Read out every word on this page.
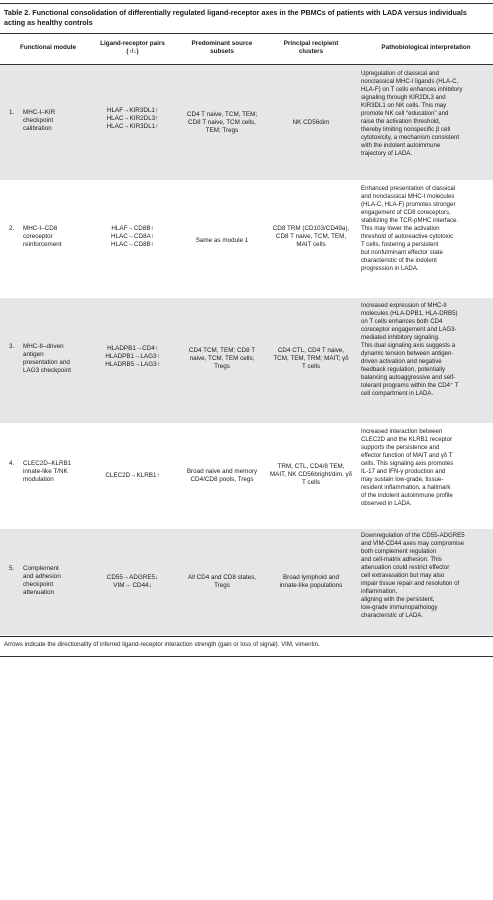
Table 2. Functional consolidation of differentially regulated ligand-receptor axes in the PBMCs of patients with LADA versus individuals acting as healthy controls
Functional module
Ligand-receptor pairs
(↑/↓)
Predominant source
subsets
Principal recipient
clusters
Pathobiological interpretation
1. MHC-I–KIR
checkpoint
calibration
HLAF→KIR3DL1↑
HLAC→KIR2DL3↑
HLAC→KIR3DL1↑
CD4 T naive, TCM, TEM;
CD8 T naive, TCM cells,
TEM; Tregs
NK CD56dim
Upregulation of classical and
nonclassical MHC-I ligands (HLA-C,
HLA-F) on T cells enhances inhibitory
signaling through KIR2DL3 and
KIR3DL1 on NK cells. This may
promote NK cell “education” and
raise the activation threshold,
thereby limiting nonspecific β cell
cytotoxicity, a mechanism consistent
with the indolent autoimmune
trajectory of LADA.
2. MHC-I–CD8
coreceptor
reinforcement
HLAF→CD8B↑
HLAC→CD8A↑
HLAC→CD8B↑
Same as module 1
CD8 TRM (CD103/CD49a),
CD8 T naive, TCM, TEM,
MAIT cells
Enhanced presentation of classical
and nonclassical MHC-I molecules
(HLA-C, HLA-F) promotes stronger
engagement of CD8 coreceptors,
stabilizing the TCR-pMHC interface.
This may lower the activation
threshold of autoreactive cytotoxic
T cells, fostering a persistent
but nonfulminant effector state
characteristic of the indolent
progression in LADA.
3. MHC-II–driven
antigen
presentation and
LAG3 checkpoint
HLADPB1→CD4↑
HLADPB1→LAG3↑
HLADRB5→LAG3↑
CD4 TCM, TEM; CD8 T
naive, TCM, TEM cells;
Tregs
CD4 CTL, CD4 T naive,
TCM, TEM, TRM; MAIT; γδ
T cells
Increased expression of MHC-II
molecules (HLA-DPB1, HLA-DRB5)
on T cells enhances both CD4
coreceptor engagement and LAG3-
mediated inhibitory signaling.
This dual signaling axis suggests a
dynamic tension between antigen-
driven activation and negative
feedback regulation, potentially
balancing autoaggressive and self-
tolerant programs within the CD4⁺ T
cell compartment in LADA.
4. CLEC2D–KLRB1
innate-like T/NK
modulation
CLEC2D→KLRB1↑
Broad naive and memory
CD4/CD8 pools, Tregs
TRM, CTL, CD4/8 TEM,
MAIT, NK CD56bright/dim, γδ
T cells
Increased interaction between
CLEC2D and the KLRB1 receptor
supports the persistence and
effector function of MAIT and γδ T
cells. This signaling axis promotes
IL-17 and IFN-γ production and
may sustain low-grade, tissue-
resident inflammation, a hallmark
of the indolent autoimmune profile
observed in LADA.
5. Complement
and adhesion
checkpoint
attenuation
CD55→ADGRE5↓
VIM→ CD44↓
All CD4 and CD8 states,
Tregs
Broad lymphoid and
innate-like populations
Downregulation of the CD55-ADGRE5
and VIM-CD44 axes may compromise
both complement regulation
and cell-matrix adhesion. This
attenuation could restrict effector
cell extravasation but may also
impair tissue repair and resolution of
inflammation,
aligning with the persistent,
low-grade immunopathology
characteristic of LADA.
Arrows indicate the directionality of inferred ligand-receptor interaction strength (gain or loss of signal). VIM, vimentin.
